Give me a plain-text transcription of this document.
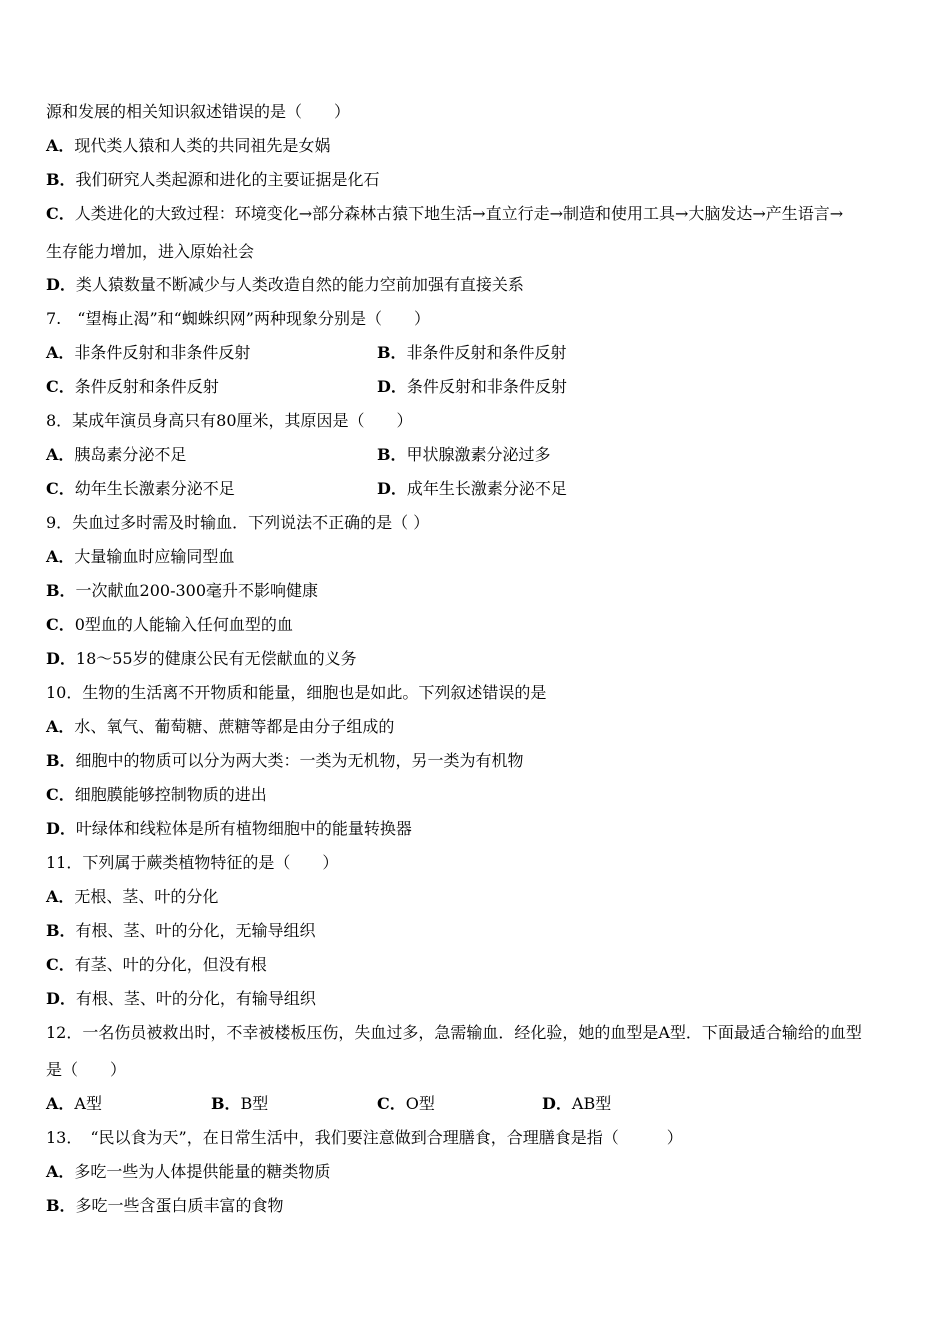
源和发展的相关知识叙述错误的是（　　）
A．现代类人猿和人类的共同祖先是女娲
B．我们研究人类起源和进化的主要证据是化石
C．人类进化的大致过程：环境变化→部分森林古猿下地生活→直立行走→制造和使用工具→大脑发达→产生语言→
生存能力增加，进入原始社会
D．类人猿数量不断减少与人类改造自然的能力空前加强有直接关系
7.　“望梅止渴”和“蜘蛛织网”两种现象分别是（　　）
A．非条件反射和非条件反射	B．非条件反射和条件反射
C．条件反射和条件反射	D．条件反射和非条件反射
8．某成年演员身高只有80厘米，其原因是（　　）
A．胰岛素分泌不足	B．甲状腺激素分泌过多
C．幼年生长激素分泌不足	D．成年生长激素分泌不足
9．失血过多时需及时输血．下列说法不正确的是（ ）
A．大量输血时应输同型血
B．一次献血200-300毫升不影响健康
C．0型血的人能输入任何血型的血
D．18～55岁的健康公民有无偿献血的义务
10．生物的生活离不开物质和能量，细胞也是如此。下列叙述错误的是
A．水、氧气、葡萄糖、蔗糖等都是由分子组成的
B．细胞中的物质可以分为两大类：一类为无机物，另一类为有机物
C．细胞膜能够控制物质的进出
D．叶绿体和线粒体是所有植物细胞中的能量转换器
11．下列属于蕨类植物特征的是（　　）
A．无根、茎、叶的分化
B．有根、茎、叶的分化，无输导组织
C．有茎、叶的分化，但没有根
D．有根、茎、叶的分化，有输导组织
12．一名伤员被救出时，不幸被楼板压伤，失血过多，急需输血．经化验，她的血型是A型．下面最适合输给的血型
是（　　）
A．A型	B．B型	C．O型	D．AB型
13．　“民以食为天”，在日常生活中，我们要注意做到合理膳食，合理膳食是指（　　　）
A．多吃一些为人体提供能量的糖类物质
B．多吃一些含蛋白质丰富的食物
